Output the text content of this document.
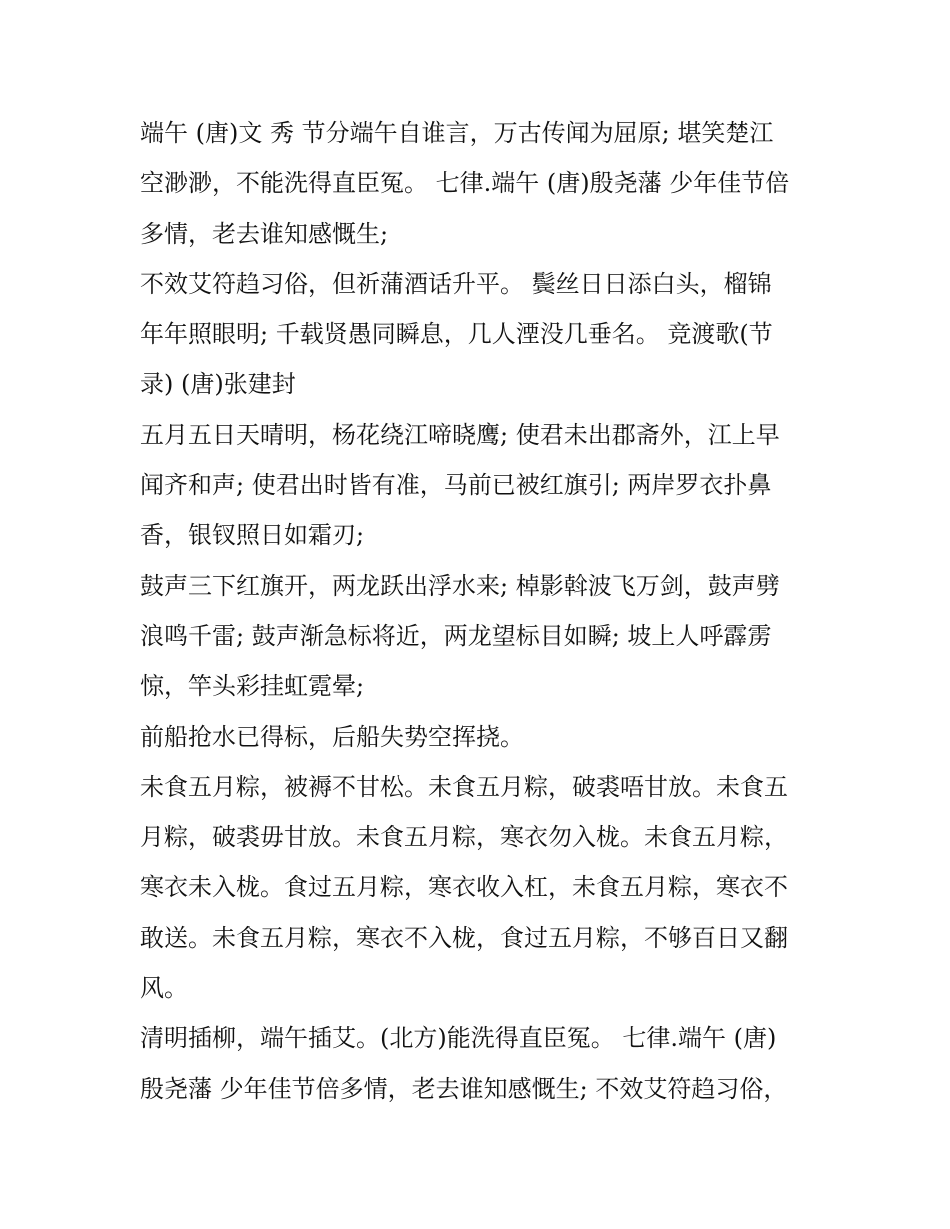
端午 (唐)文 秀 节分端午自谁言，万古传闻为屈原; 堪笑楚江
空渺渺，不能洗得直臣冤。 七律.端午 (唐)殷尧藩 少年佳节倍
多情，老去谁知感慨生;
不效艾符趋习俗，但祈蒲酒话升平。 鬓丝日日添白头，榴锦
年年照眼明; 千载贤愚同瞬息，几人湮没几垂名。 竞渡歌(节
录) (唐)张建封
五月五日天晴明，杨花绕江啼晓鹰; 使君未出郡斋外，江上早
闻齐和声; 使君出时皆有准，马前已被红旗引; 两岸罗衣扑鼻
香，银钗照日如霜刃;
鼓声三下红旗开，两龙跃出浮水来; 棹影斡波飞万剑，鼓声劈
浪鸣千雷; 鼓声渐急标将近，两龙望标目如瞬; 坡上人呼霹雳
惊，竿头彩挂虹霓晕;
前船抢水已得标，后船失势空挥挠。
未食五月粽，被褥不甘松。未食五月粽，破裘唔甘放。未食五
月粽，破裘毋甘放。未食五月粽，寒衣勿入栊。未食五月粽，
寒衣未入栊。食过五月粽，寒衣收入杠，未食五月粽，寒衣不
敢送。未食五月粽，寒衣不入栊，食过五月粽，不够百日又翻
风。
清明插柳，端午插艾。(北方)能洗得直臣冤。 七律.端午 (唐)
殷尧藩 少年佳节倍多情，老去谁知感慨生; 不效艾符趋习俗，
